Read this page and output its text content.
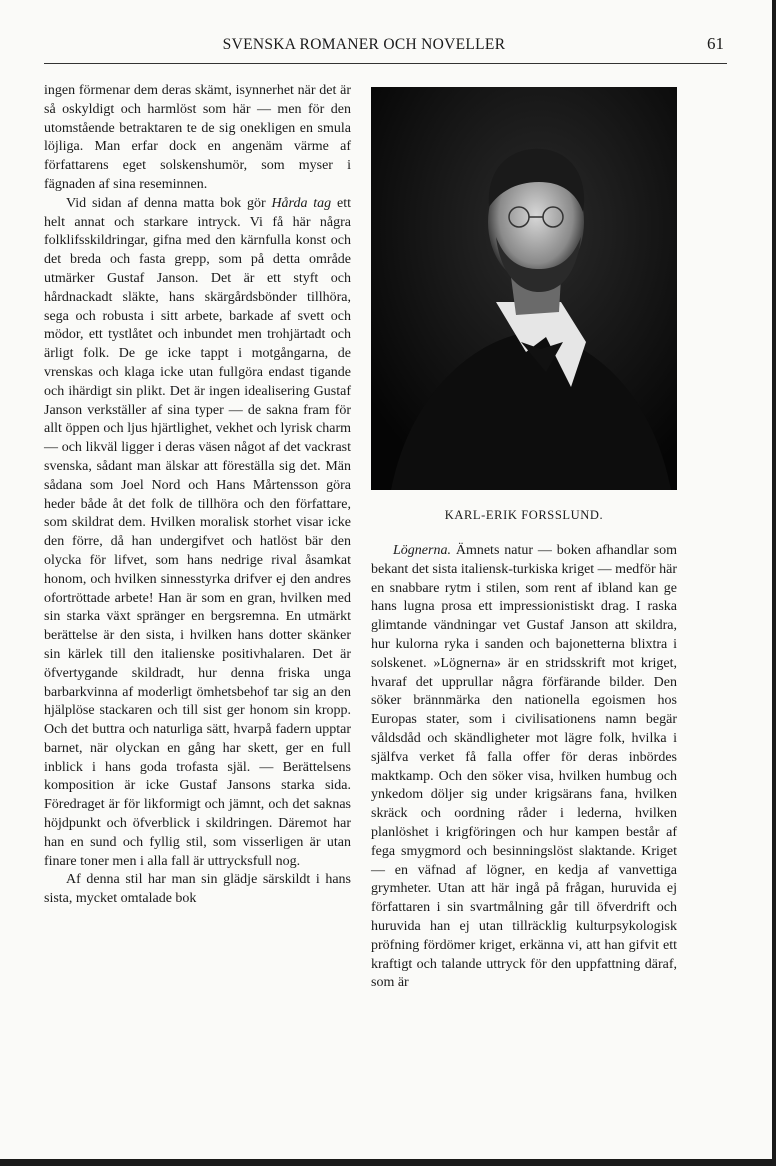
SVENSKA ROMANER OCH NOVELLER	61

ingen förmenar dem deras skämt, isynnerhet när det är så oskyldigt och harmlöst som här — men för den utomstående betraktaren te de sig onekligen en smula löjliga. Man erfar dock en angenäm värme af författarens eget solskenshumör, som myser i fägnaden af sina reseminnen.

Vid sidan af denna matta bok gör Hårda tag ett helt annat och starkare intryck. Vi få här några folklifsskildringar, gifna med den kärnfulla konst och det breda och fasta grepp, som på detta område utmärker Gustaf Janson. Det är ett styft och hårdnackadt släkte, hans skärgårdsbönder tillhöra, sega och robusta i sitt arbete, barkade af svett och mödor, ett tystlåtet och inbundet men trohjärtadt och ärligt folk. De ge icke tappt i motgångarna, de vrenskas och klaga icke utan fullgöra endast tigande och ihärdigt sin plikt. Det är ingen idealisering Gustaf Janson verkställer af sina typer — de sakna fram för allt öppen och ljus hjärtlighet, vekhet och lyrisk charm — och likväl ligger i deras väsen något af det vackrast svenska, sådant man älskar att föreställa sig det. Män sådana som Joel Nord och Hans Mårtensson göra heder både åt det folk de tillhöra och den författare, som skildrat dem. Hvilken moralisk storhet visar icke den förre, då han undergifvet och hatlöst bär den olycka för lifvet, som hans nedrige rival åsamkat honom, och hvilken sinnesstyrka drifver ej den andres ofortröttade arbete! Han är som en gran, hvilken med sin starka växt spränger en bergsremna. En utmärkt berättelse är den sista, i hvilken hans dotter skänker sin kärlek till den italienske positivhalaren. Det är öfvertygande skildradt, hur denna friska unga barbarkvinna af moderligt ömhetsbehof tar sig an den hjälplöse stackaren och till sist ger honom sin kropp. Och det buttra och naturliga sätt, hvarpå fadern upptar barnet, när olyckan en gång har skett, ger en full inblick i hans goda trofasta själ. — Berättelsens komposition är icke Gustaf Jansons starka sida. Föredraget är för likformigt och jämnt, och det saknas höjdpunkt och öfverblick i skildringen. Däremot har han en sund och fyllig stil, som visserligen är utan finare toner men i alla fall är uttrycksfull nog.

Af denna stil har man sin glädje särskildt i hans sista, mycket omtalade bok

KARL-ERIK FORSSLUND.

Lögnerna. Ämnets natur — boken afhandlar som bekant det sista italiensk-turkiska kriget — medför här en snabbare rytm i stilen, som rent af ibland kan ge hans lugna prosa ett impressionistiskt drag. I raska glimtande vändningar vet Gustaf Janson att skildra, hur kulorna ryka i sanden och bajonetterna blixtra i solskenet. »Lögnerna» är en stridsskrift mot kriget, hvaraf det upprullar några förfärande bilder. Den söker brännmärka den nationella egoismen hos Europas stater, som i civilisationens namn begär våldsdåd och skändligheter mot lägre folk, hvilka i själfva verket få falla offer för deras inbördes maktkamp. Och den söker visa, hvilken humbug och ynkedom döljer sig under krigsärans fana, hvilken skräck och oordning råder i lederna, hvilken planlöshet i krigföringen och hur kampen består af fega smygmord och besinningslöst slaktande. Kriget — en väfnad af lögner, en kedja af vanvettiga grymheter. Utan att här ingå på frågan, huruvida ej författaren i sin svartmålning går till öfverdrift och huruvida han ej utan tillräcklig kulturpsykologisk pröfning fördömer kriget, erkänna vi, att han gifvit ett kraftigt och talande uttryck för den uppfattning däraf, som är
